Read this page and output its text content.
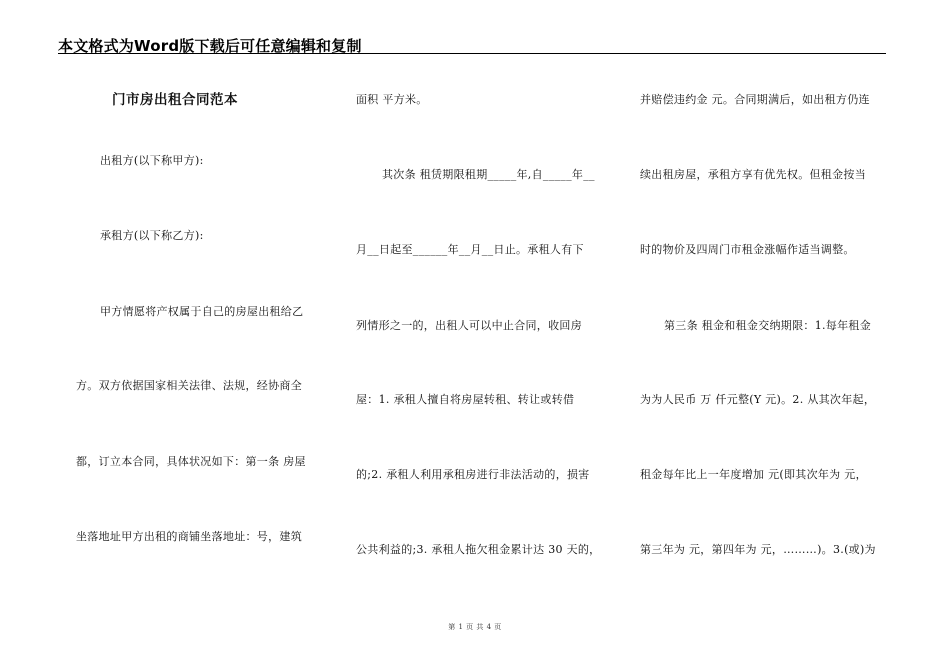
本文格式为Word版下载后可任意编辑和复制
门市房出租合同范本
出租方(以下称甲方):
承租方(以下称乙方):
甲方情愿将产权属于自己的房屋出租给乙
方。双方依据国家相关法律、法规，经协商全
都，订立本合同，具体状况如下：第一条 房屋
坐落地址甲方出租的商铺坐落地址：号，建筑
面积 平方米。
其次条 租赁期限租期_____年,自_____年__
月__日起至______年__月__日止。承租人有下
列情形之一的，出租人可以中止合同，收回房
屋：1. 承租人擅自将房屋转租、转让或转借
的;2. 承租人利用承租房进行非法活动的，损害
公共利益的;3. 承租人拖欠租金累计达 30 天的，
并赔偿违约金 元。合同期满后，如出租方仍连
续出租房屋，承租方享有优先权。但租金按当
时的物价及四周门市租金涨幅作适当调整。
第三条 租金和租金交纳期限：1.每年租金
为为人民币 万 仟元整(Y 元)。2. 从其次年起，
租金每年比上一年度增加 元(即其次年为 元，
第三年为 元，第四年为 元，………)。3.(或)为
第 1 页 共 4 页
